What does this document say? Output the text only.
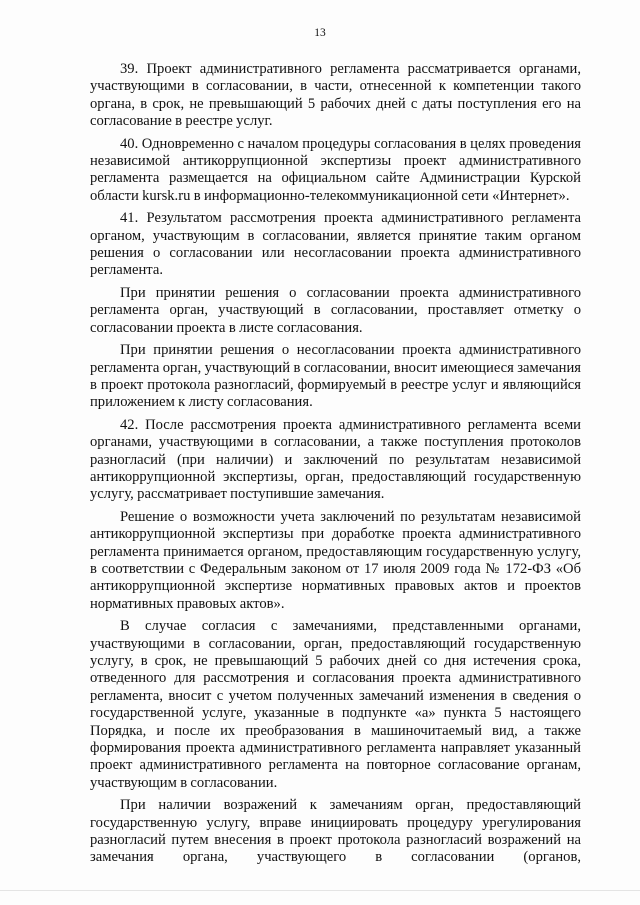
13

39. Проект административного регламента рассматривается органами, участвующими в согласовании, в части, отнесенной к компетенции такого органа, в срок, не превышающий 5 рабочих дней с даты поступления его на согласование в реестре услуг.

40. Одновременно с началом процедуры согласования в целях проведения независимой антикоррупционной экспертизы проект административного регламента размещается на официальном сайте Администрации Курской области kursk.ru в информационно-телекоммуникационной сети «Интернет».

41. Результатом рассмотрения проекта административного регламента органом, участвующим в согласовании, является принятие таким органом решения о согласовании или несогласовании проекта административного регламента.

При принятии решения о согласовании проекта административного регламента орган, участвующий в согласовании, проставляет отметку о согласовании проекта в листе согласования.

При принятии решения о несогласовании проекта административного регламента орган, участвующий в согласовании, вносит имеющиеся замечания в проект протокола разногласий, формируемый в реестре услуг и являющийся приложением к листу согласования.

42. После рассмотрения проекта административного регламента всеми органами, участвующими в согласовании, а также поступления протоколов разногласий (при наличии) и заключений по результатам независимой антикоррупционной экспертизы, орган, предоставляющий государственную услугу, рассматривает поступившие замечания.

Решение о возможности учета заключений по результатам независимой антикоррупционной экспертизы при доработке проекта административного регламента принимается органом, предоставляющим государственную услугу, в соответствии с Федеральным законом от 17 июля 2009 года № 172-ФЗ «Об антикоррупционной экспертизе нормативных правовых актов и проектов нормативных правовых актов».

В случае согласия с замечаниями, представленными органами, участвующими в согласовании, орган, предоставляющий государственную услугу, в срок, не превышающий 5 рабочих дней со дня истечения срока, отведенного для рассмотрения и согласования проекта административного регламента, вносит с учетом полученных замечаний изменения в сведения о государственной услуге, указанные в подпункте «а» пункта 5 настоящего Порядка, и после их преобразования в машиночитаемый вид, а также формирования проекта административного регламента направляет указанный проект административного регламента на повторное согласование органам, участвующим в согласовании.

При наличии возражений к замечаниям орган, предоставляющий государственную услугу, вправе инициировать процедуру урегулирования разногласий путем внесения в проект протокола разногласий возражений на замечания органа, участвующего в согласовании (органов,
